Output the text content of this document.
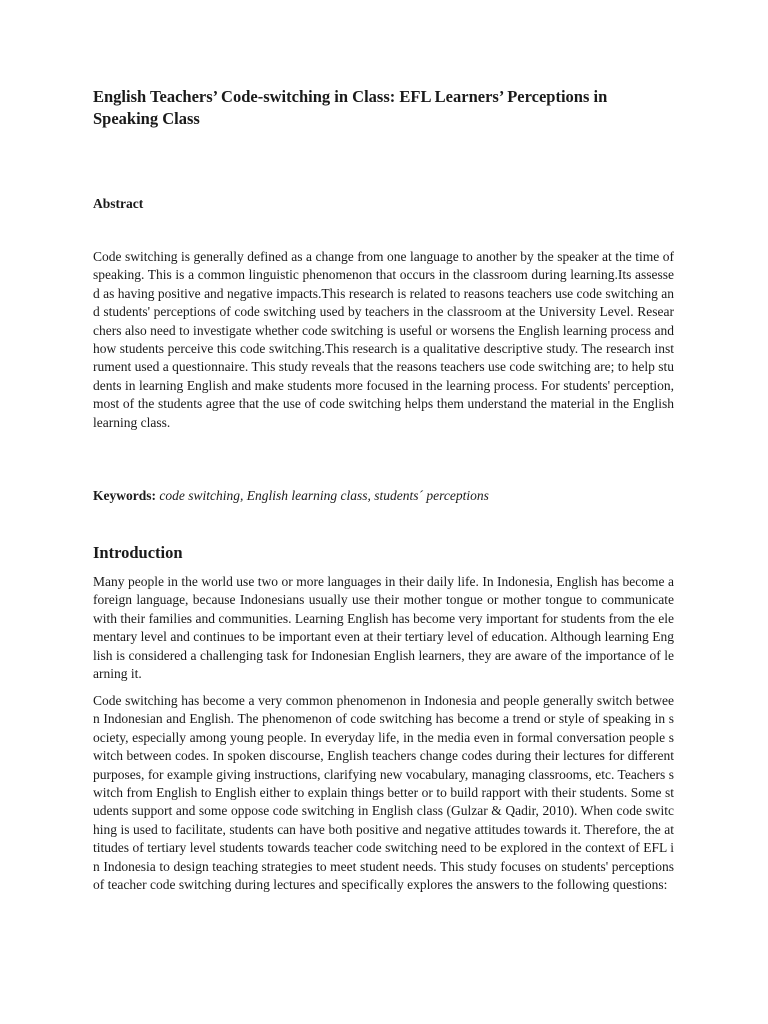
English Teachers’ Code-switching in Class: EFL Learners’ Perceptions in Speaking Class
Abstract

Code switching is generally defined as a change from one language to another by the speaker at the time of speaking. This is a common linguistic phenomenon that occurs in the classroom during learning.Its assessed as having positive and negative impacts.This research is related to reasons teachers use code switching and students' perceptions of code switching used by teachers in the classroom at the University Level. Researchers also need to investigate whether code switching is useful or worsens the English learning process and how students perceive this code switching.This research is a qualitative descriptive study. The research instrument used a questionnaire. This study reveals that the reasons teachers use code switching are; to help students in learning English and make students more focused in the learning process. For students' perception, most of the students agree that the use of code switching helps them understand the material in the English learning class.

Keywords: code switching, English learning class, students´ perceptions

Introduction

Many people in the world use two or more languages in their daily life. In Indonesia, English has become a foreign language, because Indonesians usually use their mother tongue or mother tongue to communicate with their families and communities. Learning English has become very important for students from the elementary level and continues to be important even at their tertiary level of education. Although learning English is considered a challenging task for Indonesian English learners, they are aware of the importance of learning it.

Code switching has become a very common phenomenon in Indonesia and people generally switch between Indonesian and English. The phenomenon of code switching has become a trend or style of speaking in society, especially among young people. In everyday life, in the media even in formal conversation people switch between codes. In spoken discourse, English teachers change codes during their lectures for different purposes, for example giving instructions, clarifying new vocabulary, managing classrooms, etc. Teachers switch from English to English either to explain things better or to build rapport with their students. Some students support and some oppose code switching in English class (Gulzar & Qadir, 2010). When code switching is used to facilitate, students can have both positive and negative attitudes towards it. Therefore, the attitudes of tertiary level students towards teacher code switching need to be explored in the context of EFL in Indonesia to design teaching strategies to meet student needs. This study focuses on students' perceptions of teacher code switching during lectures and specifically explores the answers to the following questions:
